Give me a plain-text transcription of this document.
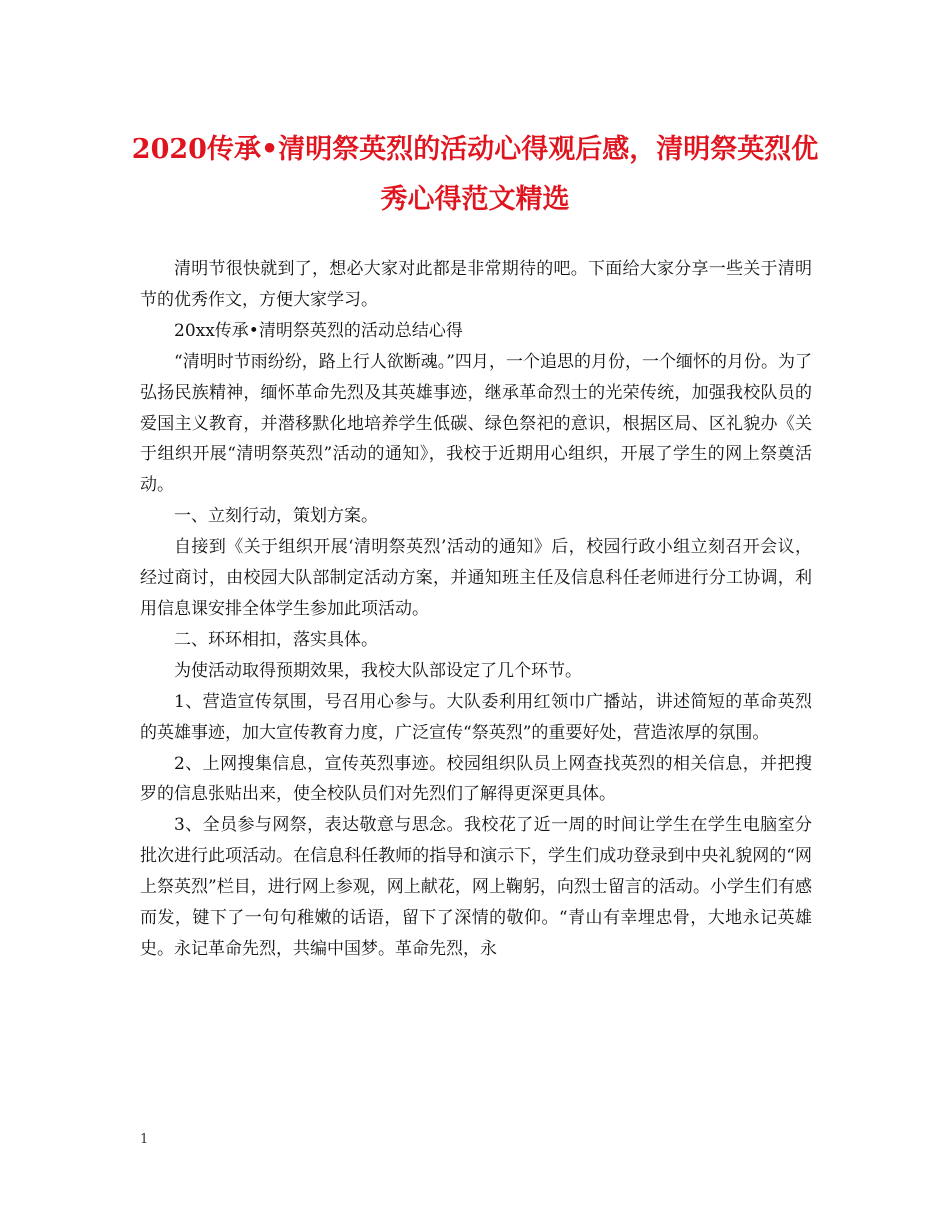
2020传承•清明祭英烈的活动心得观后感，清明祭英烈优秀心得范文精选

清明节很快就到了，想必大家对此都是非常期待的吧。下面给大家分享一些关于清明节的优秀作文，方便大家学习。

20xx传承•清明祭英烈的活动总结心得

“清明时节雨纷纷，路上行人欲断魂。”四月，一个追思的月份，一个缅怀的月份。为了弘扬民族精神，缅怀革命先烈及其英雄事迹，继承革命烈士的光荣传统，加强我校队员的爱国主义教育，并潜移默化地培养学生低碳、绿色祭祀的意识，根据区局、区礼貌办《关于组织开展“清明祭英烈”活动的通知》，我校于近期用心组织，开展了学生的网上祭奠活动。

一、立刻行动，策划方案。

自接到《关于组织开展‘清明祭英烈’活动的通知》后，校园行政小组立刻召开会议，经过商讨，由校园大队部制定活动方案，并通知班主任及信息科任老师进行分工协调，利用信息课安排全体学生参加此项活动。

二、环环相扣，落实具体。

为使活动取得预期效果，我校大队部设定了几个环节。

1、营造宣传氛围，号召用心参与。大队委利用红领巾广播站，讲述简短的革命英烈的英雄事迹，加大宣传教育力度，广泛宣传“祭英烈”的重要好处，营造浓厚的氛围。

2、上网搜集信息，宣传英烈事迹。校园组织队员上网查找英烈的相关信息，并把搜罗的信息张贴出来，使全校队员们对先烈们了解得更深更具体。

3、全员参与网祭，表达敬意与思念。我校花了近一周的时间让学生在学生电脑室分批次进行此项活动。在信息科任教师的指导和演示下，学生们成功登录到中央礼貌网的“网上祭英烈”栏目，进行网上参观，网上献花，网上鞠躬，向烈士留言的活动。小学生们有感而发，键下了一句句稚嫩的话语，留下了深情的敬仰。“青山有幸埋忠骨，大地永记英雄史。永记革命先烈，共编中国梦。革命先烈，永

1
